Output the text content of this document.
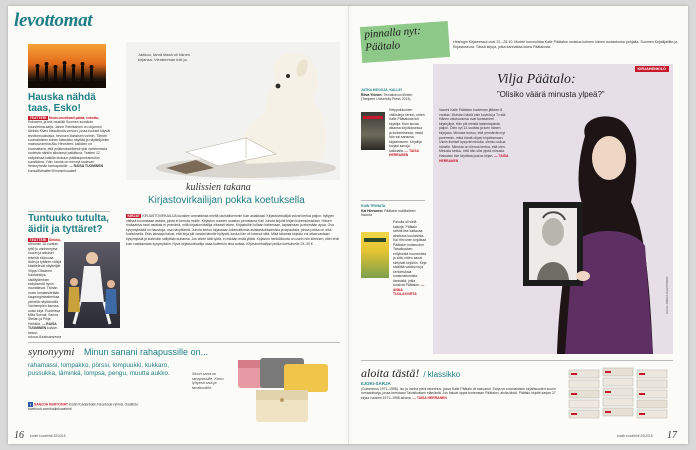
levottomat
Hauska nähdä taas, Esko!
TEATTERI Kiuas-musikaali palaa, eskottu, Eskoseni, ja tele-musiikit Suomen suosituin kuunnelma-sarja. Janne Reinikainen on ohjannut Aleksis Kiven klassikosta version, jossa tuokset käyvät levottomuuksissa, hevosen klassisen voimin. Tämän suomalaisten toinen klassikko näyttää ja näyttelijöiden mainosvoimina Aku Hirviniemi: kaikkien on huomattava, että poikkeuksellisesti yksi vahvimmista rooleista nähtiin aikuisesti palkittuna. Teatteri 12 esityksissä kaikilla elokuun pääkaupunkiseudun suosikkina. Ydin: lauma on mennyt laulavan ihmisryhmän harhapoluille. — RAISA TUOMINEN kansallisteatteri.fi/nummisuutarit
Tuntuuko tutulta, äidit ja tyttäret?
TEATTERI Sinkku, Aiemmin 18-vuotias tyttö jo vanhempina nuoret ja aikuiset tekevät elokuvaa. Äidin ja tyttären välejä käsittelevät näyttelijät Vilppu Oksanen. Kantaesitys, sisällytäminen esityksestä hyvin naurattavat. Tämän nosto kantaesitetään kaupunginteatterissa pienellä näyttämöllä Vanhempien kanssa uusin kirja. Rooleissa Milla Sorvali, Sanna Stellan ja Pihja Heikkilä. — RAISA TUOMINEN kuiske-tanssi-rukous.fi/saksanseura
Jaakoo, tämä tässä oli hänen kirjansa. Vieraimman luki ja.
kulissien takana
Kirjastovirkailijan pokka koetuksella
KIRJAT KIRJASTOVIRKAILIJA kuvailee ammattinsa mieltä rauhallisemmin kuin asiakkaat. Kirjastovirkailijat voivat kertoa paljon: hyllyjen välissä huomataan asioita, joista ei kerrota muille. Kirjaston nuorten osaston perustama Kari Juhola kirjoitti kirjan kokemuksistaan. Hänen mukaansa moni asiakas ei ymmärrä, mitä kirjastovirkailija oikeasti tekee. Kirjastoihin tullaan hakemaan, tapaamaan ja etsimään apua. Osa kysymyksistä on hauskoja, osa hävyttömiä. Juhola kertoo kirjassaan lukemattomia asiakaskohtaamisia ja tapauksia, joissa pokka on ollut koetuksella. Eräs lainaaja halusi, että kirja piti varata hänelle hyllystä, koska hän oli lukenut siitä. Mikä tahansa kirjasto voi ottaa vastaan kysymyksiä ja kuitenkin säilyttää rauhansa. Jos tekee tätä työtä, ei mikään enää yllätä. Kirjaston henkilökunta on usein niin kiireinen, ettei ehdi kuin vastaamaan kysymyksiin. Hyvä kirjastovirkailija osaa kuitenkin aina auttaa. Kirjastovirkailijan pokka koetuksella 25–35 €.
synonyymi Minun sanani rahapussille on...
rahamassi, lompakko, pörssi, lompuukki, kukkaro, pussukka, läminkä, lompsa, pengu, muutta aukko.
f SANOJA KERTOIVAT Kodin Kuvalehden Facebook-ryhmä. Osallistu: facebook.com/kodinkuvalehti
Sinun sana on rahapussille. Kerro lyhyesti sisä ja facebookiin.
16 kodin kuvalehti 20/2015
pinnalla nyt: Päätalo	Helsingin Kirjamessut ovat 22.–25.10. Moderi kunnioittaa Kalle Päätalon muistoa kolmen hänen tuotantonsa pohjalta. Suomen Kirjailijaliitto ja Kirjastoseura. Tässä kirjoja, jotka kannattaa lukea Päätalosta.
JATKA KIRJOJA, KALLE!
Ritva Ylönen: Tervakoivun tilinteri (Tampere University Press 2013).
Helppolukuinen väitöskirja kertoo, miten Kalle Päätalosta tuli kirjailija. Kuin kuvaa aikansa kirjoituksessa ja kulkemisessa, mistä hän sai sanansa kirjaamiseen. Kirjailija korjasi sanoja kaikkialla. — TAISA HERRANEN
KUIN TRIVIATA
Kai Hirvonen: Päätalon mallitaiteen historia
Pakolla oli vielä kaikuja. Päätalo selvitti itse kattavaa aineistoa kuuluisista. Kai Hirvonen kirjoittaa Päätalon kotiseudun Taivalkosken erityisestä huumorista ja siitä, miten sanat siirtyivät kirjoihin. Kirja sisältää valokuvia ja kertomuksia tuntemattomista ihmisistä, jotka tunsivat Päätalon. — ANNA TUULASVIRTA
KIRJAHENKILÖ
Vilja Päätalo:
”Olisiko väärä minusta ylpeä?”
Vaarini Kalle Päätalon kuoleman jälkeen 8 vuotias. Muistan häntä vain kuvista ja Tv:stä. Hänen valokuvansa ovat koristaneet kirjahyllyä. Hän piti meistä lastenlapsista paljon. Olen nyt 12-vuotias ja luen hänen kirjojaan. Minusta tuntuu, että ymmärrän nyt paremmin, mikä häntä ohjasi kirjoittamaan. Usein ihmiset kysyvät minulta, olenko sukua hänelle. Minusta on hienoa kertoa, että olen. Minusta tuntuu, että hän olisi ylpeä minusta. Haluaisin itse kirjoittaa joskus kirjan. — TAISA HERRANEN
KUVA: RIIKKA KAUPPINEN
aloita tästä! / klassikko
IIJOKI-SARJA
(Gummerus 1971–1998). Iso ja vanha pieni rakennus, jossa Kalle Päätalo oli kasvanut. Sarja on suomalaisen kirjallisuuden suurin romaanisarja, jossa kerrotaan Taivalkosken elämästä. Jos haluat oppia tuntemaan Päätalon, aloita tästä. Päätalo kirjoitti sarjan 27 kirjaa vuosien 1971–1998 aikana. — TAISA HERRANEN
kodin kuvalehti 20/2015 17
